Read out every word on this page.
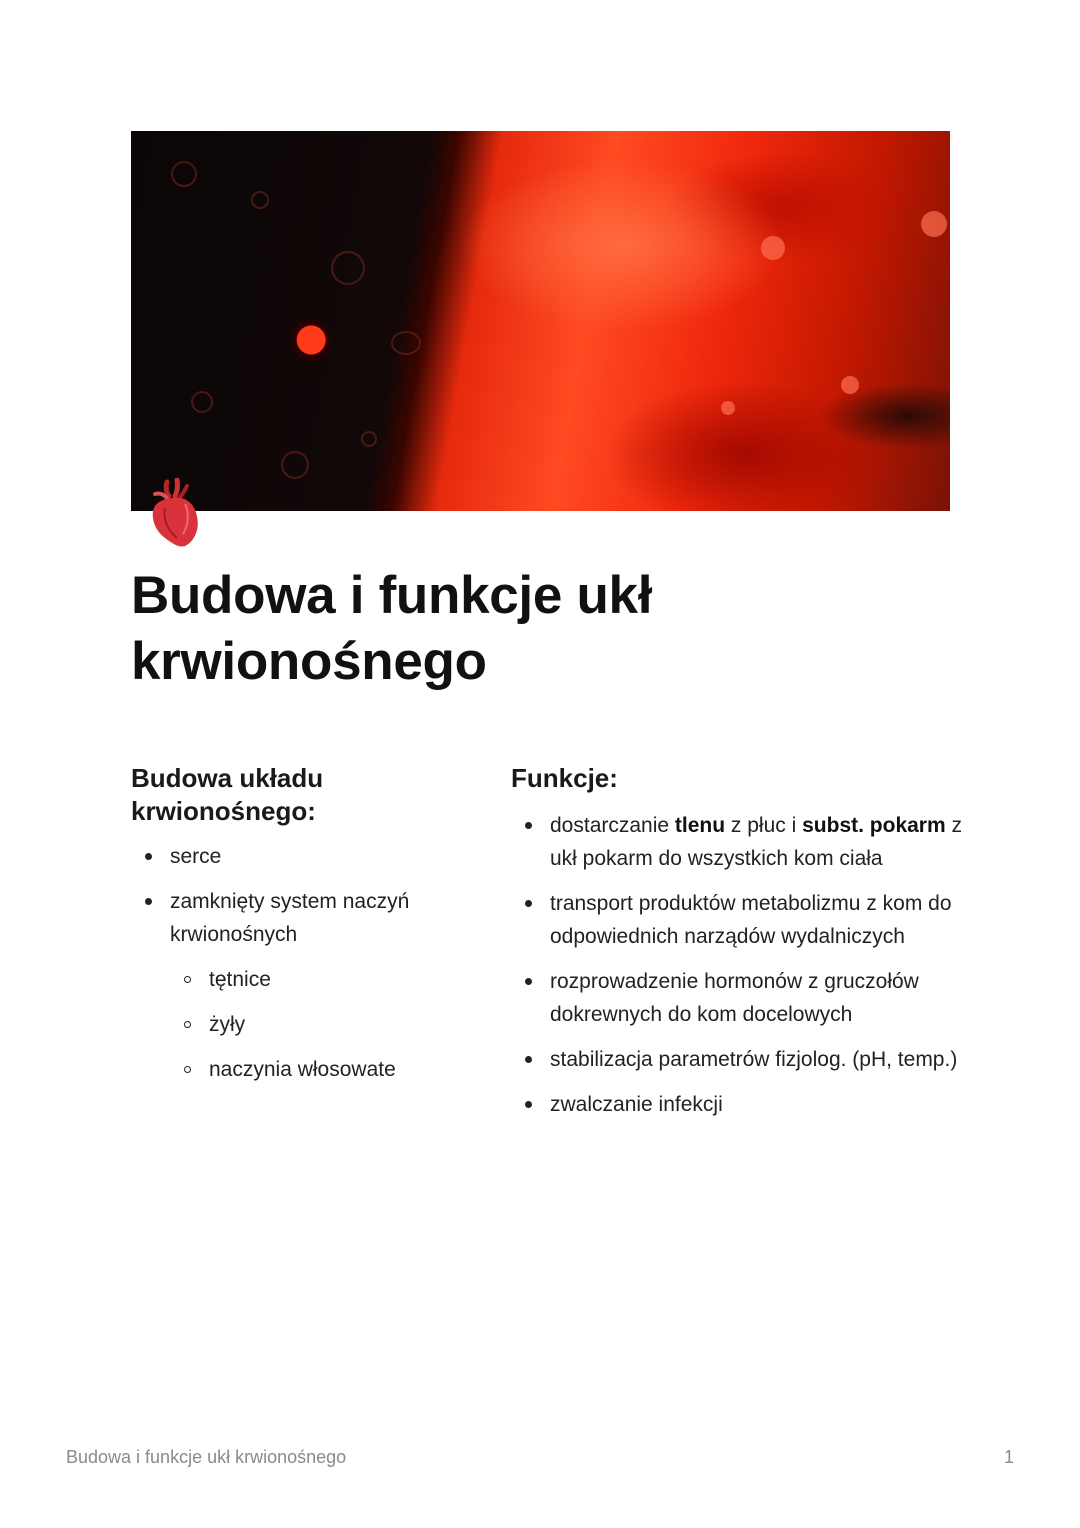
Budowa i funkcje ukł
krwionośnego
Budowa układu krwionośnego:
serce
zamknięty system naczyń krwionośnych
tętnice
żyły
naczynia włosowate
Funkcje:
dostarczanie tlenu z płuc i subst. pokarm z ukł pokarm do wszystkich kom ciała
transport produktów metabolizmu z kom do odpowiednich narządów wydalniczych
rozprowadzenie hormonów z gruczołów dokrewnych do kom docelowych
stabilizacja parametrów fizjolog. (pH, temp.)
zwalczanie infekcji
Budowa i funkcje ukł krwionośnego	1
